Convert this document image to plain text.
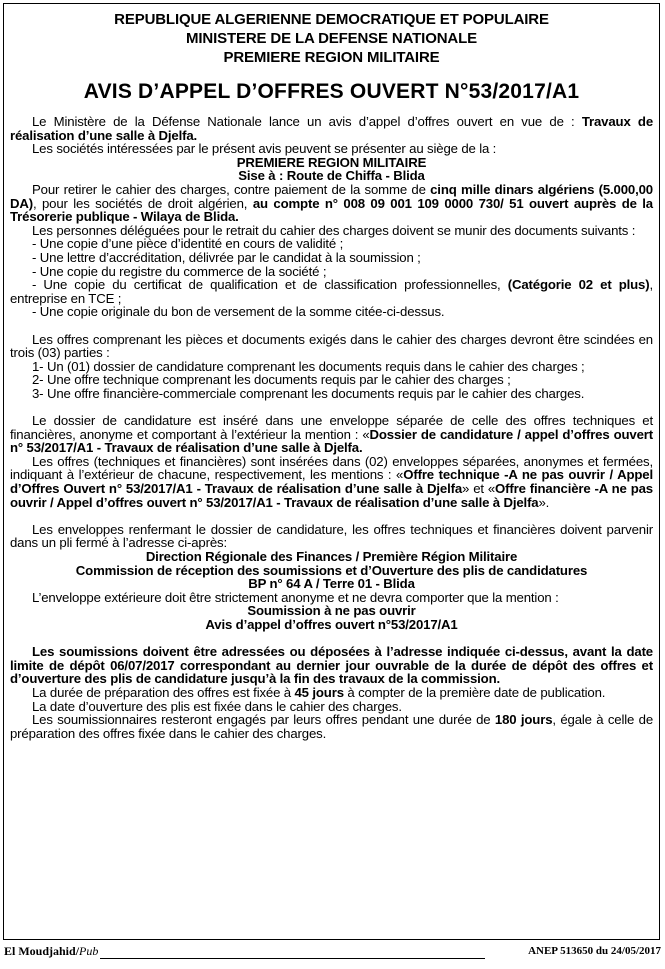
REPUBLIQUE ALGERIENNE DEMOCRATIQUE ET POPULAIRE
MINISTERE DE LA DEFENSE NATIONALE
PREMIERE REGION MILITAIRE
AVIS D’APPEL D’OFFRES OUVERT N°53/2017/A1

Le Ministère de la Défense Nationale lance un avis d’appel d’offres ouvert en vue de : Travaux de réalisation d’une salle à Djelfa.

Les sociétés intéressées par le présent avis peuvent se présenter au siège de la :

PREMIERE REGION MILITAIRE
Sise à : Route de Chiffa - Blida

Pour retirer le cahier des charges, contre paiement de la somme de cinq mille dinars algériens (5.000,00 DA), pour les sociétés de droit algérien, au compte n° 008 09 001 109 0000 730/ 51 ouvert auprès de la Trésorerie publique - Wilaya de Blida.

Les personnes déléguées pour le retrait du cahier des charges doivent se munir des documents suivants :

- Une copie d’une pièce d’identité en cours de validité ;

- Une lettre d’accréditation, délivrée par le candidat à la soumission ;

- Une copie du registre du commerce de la société ;

- Une copie du certificat de qualification et de classification professionnelles, (Catégorie 02 et plus), entreprise en TCE ;

- Une copie originale du bon de versement de la somme citée-ci-dessus.

Les offres comprenant les pièces et documents exigés dans le cahier des charges devront être scindées en trois (03) parties :

1- Un (01) dossier de candidature comprenant les documents requis dans le cahier des charges ;

2- Une offre technique comprenant les documents requis par le cahier des charges ;

3- Une offre financière-commerciale comprenant les documents requis par le cahier des charges.

Le dossier de candidature est inséré dans une enveloppe séparée de celle des offres techniques et financières, anonyme et comportant à l’extérieur la mention : «Dossier de candidature / appel d’offres ouvert n° 53/2017/A1 - Travaux de réalisation d’une salle à Djelfa.

Les offres (techniques et financières) sont insérées dans (02) enveloppes séparées, anonymes et fermées, indiquant à l’extérieur de chacune, respectivement, les mentions : «Offre technique -A ne pas ouvrir / Appel d’Offres Ouvert n° 53/2017/A1 - Travaux de réalisation d’une salle à Djelfa» et «Offre financière -A ne pas ouvrir / Appel d’offres ouvert n° 53/2017/A1 - Travaux de réalisation d’une salle à Djelfa».

Les enveloppes renfermant le dossier de candidature, les offres techniques et financières doivent parvenir dans un pli fermé à l’adresse ci-après:

Direction Régionale des Finances / Première Région Militaire
Commission de réception des soumissions et d’Ouverture des plis de candidatures
BP n° 64 A / Terre 01 - Blida

L’enveloppe extérieure doit être strictement anonyme et ne devra comporter que la mention :

Soumission à ne pas ouvrir
Avis d’appel d’offres ouvert n°53/2017/A1

Les soumissions doivent être adressées ou déposées à l’adresse indiquée ci-dessus, avant la date limite de dépôt 06/07/2017 correspondant au dernier jour ouvrable de la durée de dépôt des offres et d’ouverture des plis de candidature jusqu’à la fin des travaux de la commission.

La durée de préparation des offres est fixée à 45 jours à compter de la première date de publication.

La date d’ouverture des plis est fixée dans le cahier des charges.

Les soumissionnaires resteront engagés par leurs offres pendant une durée de 180 jours, égale à celle de préparation des offres fixée dans le cahier des charges.

El Moudjahid/Pub	ANEP 513650 du 24/05/2017
